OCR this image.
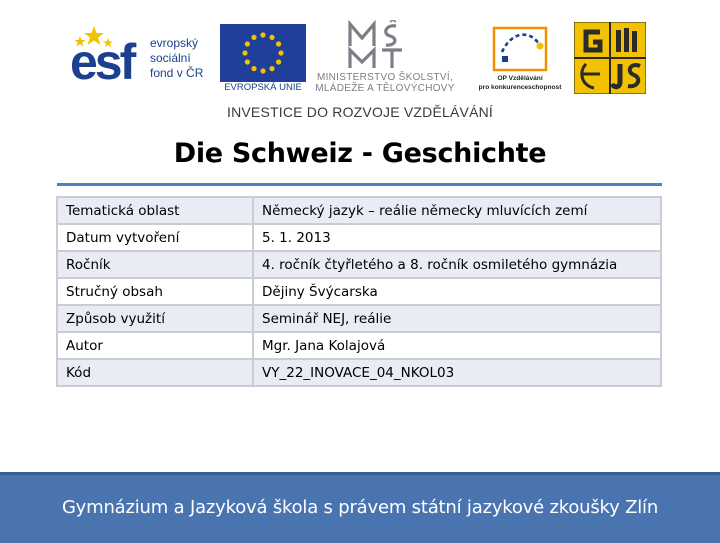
esf evropský
sociální
fond v ČR
EVROPSKÁ UNIE
MINISTERSTVO ŠKOLSTVÍ,
MLÁDEŽE A TĚLOVÝCHOVY
OP Vzdělávání
pro konkurenceschopnost
INVESTICE DO ROZVOJE VZDĚLÁVÁNÍ
Die Schweiz - Geschichte
Tematická oblast	Německý jazyk – reálie německy mluvících zemí
Datum vytvoření	5. 1. 2013
Ročník	4. ročník čtyřletého a 8. ročník osmiletého gymnázia
Stručný obsah	Dějiny Švýcarska
Způsob využití	Seminář NEJ, reálie
Autor	Mgr. Jana Kolajová
Kód	VY_22_INOVACE_04_NKOL03
Gymnázium a Jazyková škola s právem státní jazykové zkoušky Zlín
